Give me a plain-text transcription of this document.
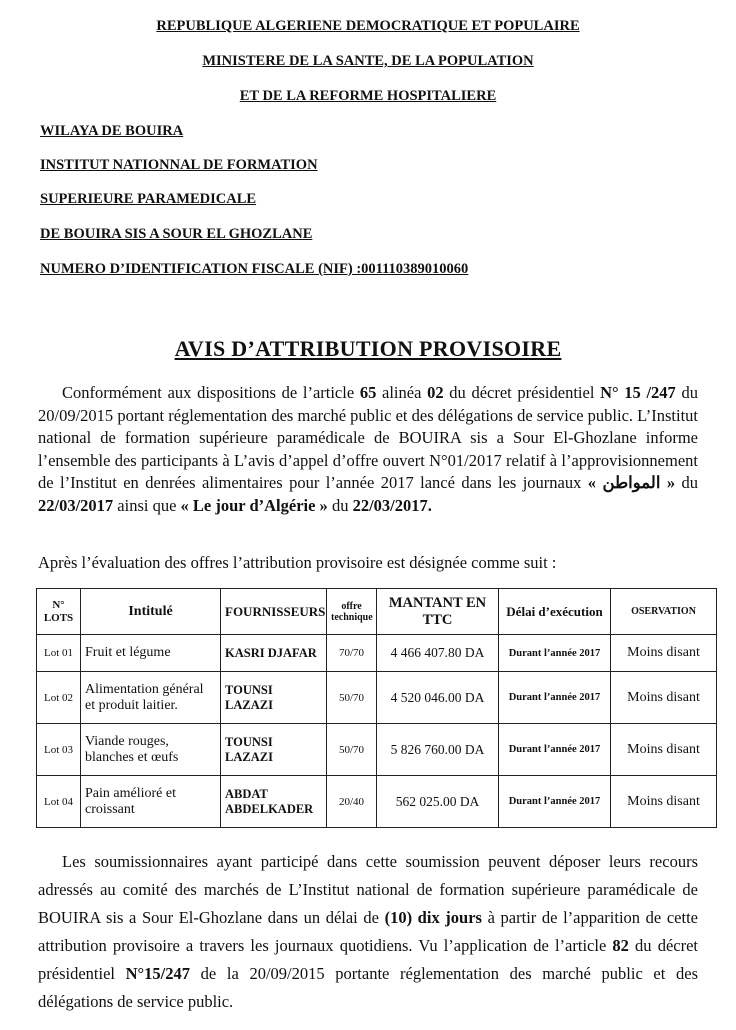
REPUBLIQUE ALGERIENE DEMOCRATIQUE ET POPULAIRE
MINISTERE DE LA SANTE, DE LA POPULATION
ET DE LA REFORME HOSPITALIERE
WILAYA DE BOUIRA
INSTITUT NATIONNAL DE FORMATION
SUPERIEURE PARAMEDICALE
DE BOUIRA SIS A SOUR EL GHOZLANE
NUMERO D’IDENTIFICATION FISCALE (NIF) :001110389010060
AVIS D’ATTRIBUTION PROVISOIRE
Conformément aux dispositions de l’article 65 alinéa 02 du décret présidentiel N° 15 /247 du 20/09/2015 portant réglementation des marché public et des délégations de service public. L’Institut national de formation supérieure paramédicale de BOUIRA sis a Sour El-Ghozlane informe l’ensemble des participants à L’avis d’appel d’offre ouvert N°01/2017 relatif à l’approvisionnement de l’Institut en denrées alimentaires pour l’année 2017 lancé dans les journaux « المواطن » du 22/03/2017 ainsi que « Le jour d’Algérie » du 22/03/2017.
Après l’évaluation des offres l’attribution provisoire est désignée comme suit :
N° LOTS	Intitulé	FOURNISSEURS	offre technique	MANTANT EN TTC	Délai d’exécution	OSERVATION
Lot 01	Fruit et légume	KASRI DJAFAR	70/70	4 466 407.80 DA	Durant l’année 2017	Moins disant
Lot 02	Alimentation général et produit laitier.	TOUNSI LAZAZI	50/70	4 520 046.00 DA	Durant l’année 2017	Moins disant
Lot 03	Viande rouges, blanches et œufs	TOUNSI LAZAZI	50/70	5 826 760.00 DA	Durant l’année 2017	Moins disant
Lot 04	Pain amélioré et croissant	ABDAT ABDELKADER	20/40	562 025.00 DA	Durant l’année 2017	Moins disant
Les soumissionnaires ayant participé dans cette soumission peuvent déposer leurs recours adressés au comité des marchés de L’Institut national de formation supérieure paramédicale de BOUIRA sis a Sour El-Ghozlane dans un délai de (10) dix jours à partir de l’apparition de cette attribution provisoire a travers les journaux quotidiens. Vu l’application de l’article 82 du décret présidentiel N°15/247 de la 20/09/2015 portante réglementation des marché public et des délégations de service public.
